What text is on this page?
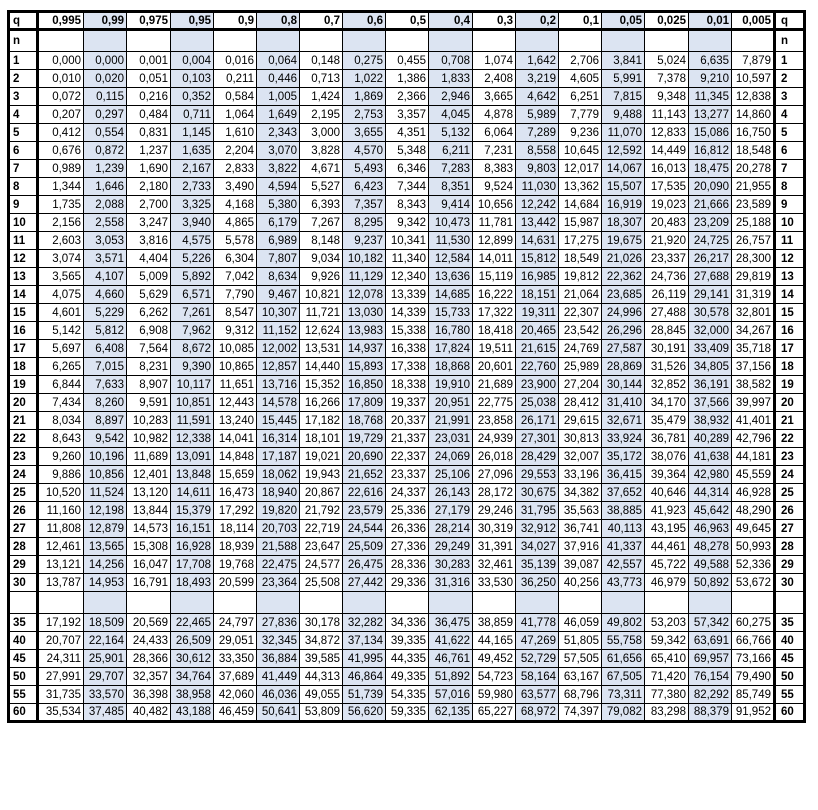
q	0,995	0,99	0,975	0,95	0,9	0,8	0,7	0,6	0,5	0,4	0,3	0,2	0,1	0,05	0,025	0,01	0,005	q
n																		n
1	0,000	0,000	0,001	0,004	0,016	0,064	0,148	0,275	0,455	0,708	1,074	1,642	2,706	3,841	5,024	6,635	7,879	1
2	0,010	0,020	0,051	0,103	0,211	0,446	0,713	1,022	1,386	1,833	2,408	3,219	4,605	5,991	7,378	9,210	10,597	2
3	0,072	0,115	0,216	0,352	0,584	1,005	1,424	1,869	2,366	2,946	3,665	4,642	6,251	7,815	9,348	11,345	12,838	3
4	0,207	0,297	0,484	0,711	1,064	1,649	2,195	2,753	3,357	4,045	4,878	5,989	7,779	9,488	11,143	13,277	14,860	4
5	0,412	0,554	0,831	1,145	1,610	2,343	3,000	3,655	4,351	5,132	6,064	7,289	9,236	11,070	12,833	15,086	16,750	5
6	0,676	0,872	1,237	1,635	2,204	3,070	3,828	4,570	5,348	6,211	7,231	8,558	10,645	12,592	14,449	16,812	18,548	6
7	0,989	1,239	1,690	2,167	2,833	3,822	4,671	5,493	6,346	7,283	8,383	9,803	12,017	14,067	16,013	18,475	20,278	7
8	1,344	1,646	2,180	2,733	3,490	4,594	5,527	6,423	7,344	8,351	9,524	11,030	13,362	15,507	17,535	20,090	21,955	8
9	1,735	2,088	2,700	3,325	4,168	5,380	6,393	7,357	8,343	9,414	10,656	12,242	14,684	16,919	19,023	21,666	23,589	9
10	2,156	2,558	3,247	3,940	4,865	6,179	7,267	8,295	9,342	10,473	11,781	13,442	15,987	18,307	20,483	23,209	25,188	10
11	2,603	3,053	3,816	4,575	5,578	6,989	8,148	9,237	10,341	11,530	12,899	14,631	17,275	19,675	21,920	24,725	26,757	11
12	3,074	3,571	4,404	5,226	6,304	7,807	9,034	10,182	11,340	12,584	14,011	15,812	18,549	21,026	23,337	26,217	28,300	12
13	3,565	4,107	5,009	5,892	7,042	8,634	9,926	11,129	12,340	13,636	15,119	16,985	19,812	22,362	24,736	27,688	29,819	13
14	4,075	4,660	5,629	6,571	7,790	9,467	10,821	12,078	13,339	14,685	16,222	18,151	21,064	23,685	26,119	29,141	31,319	14
15	4,601	5,229	6,262	7,261	8,547	10,307	11,721	13,030	14,339	15,733	17,322	19,311	22,307	24,996	27,488	30,578	32,801	15
16	5,142	5,812	6,908	7,962	9,312	11,152	12,624	13,983	15,338	16,780	18,418	20,465	23,542	26,296	28,845	32,000	34,267	16
17	5,697	6,408	7,564	8,672	10,085	12,002	13,531	14,937	16,338	17,824	19,511	21,615	24,769	27,587	30,191	33,409	35,718	17
18	6,265	7,015	8,231	9,390	10,865	12,857	14,440	15,893	17,338	18,868	20,601	22,760	25,989	28,869	31,526	34,805	37,156	18
19	6,844	7,633	8,907	10,117	11,651	13,716	15,352	16,850	18,338	19,910	21,689	23,900	27,204	30,144	32,852	36,191	38,582	19
20	7,434	8,260	9,591	10,851	12,443	14,578	16,266	17,809	19,337	20,951	22,775	25,038	28,412	31,410	34,170	37,566	39,997	20
21	8,034	8,897	10,283	11,591	13,240	15,445	17,182	18,768	20,337	21,991	23,858	26,171	29,615	32,671	35,479	38,932	41,401	21
22	8,643	9,542	10,982	12,338	14,041	16,314	18,101	19,729	21,337	23,031	24,939	27,301	30,813	33,924	36,781	40,289	42,796	22
23	9,260	10,196	11,689	13,091	14,848	17,187	19,021	20,690	22,337	24,069	26,018	28,429	32,007	35,172	38,076	41,638	44,181	23
24	9,886	10,856	12,401	13,848	15,659	18,062	19,943	21,652	23,337	25,106	27,096	29,553	33,196	36,415	39,364	42,980	45,559	24
25	10,520	11,524	13,120	14,611	16,473	18,940	20,867	22,616	24,337	26,143	28,172	30,675	34,382	37,652	40,646	44,314	46,928	25
26	11,160	12,198	13,844	15,379	17,292	19,820	21,792	23,579	25,336	27,179	29,246	31,795	35,563	38,885	41,923	45,642	48,290	26
27	11,808	12,879	14,573	16,151	18,114	20,703	22,719	24,544	26,336	28,214	30,319	32,912	36,741	40,113	43,195	46,963	49,645	27
28	12,461	13,565	15,308	16,928	18,939	21,588	23,647	25,509	27,336	29,249	31,391	34,027	37,916	41,337	44,461	48,278	50,993	28
29	13,121	14,256	16,047	17,708	19,768	22,475	24,577	26,475	28,336	30,283	32,461	35,139	39,087	42,557	45,722	49,588	52,336	29
30	13,787	14,953	16,791	18,493	20,599	23,364	25,508	27,442	29,336	31,316	33,530	36,250	40,256	43,773	46,979	50,892	53,672	30

35	17,192	18,509	20,569	22,465	24,797	27,836	30,178	32,282	34,336	36,475	38,859	41,778	46,059	49,802	53,203	57,342	60,275	35
40	20,707	22,164	24,433	26,509	29,051	32,345	34,872	37,134	39,335	41,622	44,165	47,269	51,805	55,758	59,342	63,691	66,766	40
45	24,311	25,901	28,366	30,612	33,350	36,884	39,585	41,995	44,335	46,761	49,452	52,729	57,505	61,656	65,410	69,957	73,166	45
50	27,991	29,707	32,357	34,764	37,689	41,449	44,313	46,864	49,335	51,892	54,723	58,164	63,167	67,505	71,420	76,154	79,490	50
55	31,735	33,570	36,398	38,958	42,060	46,036	49,055	51,739	54,335	57,016	59,980	63,577	68,796	73,311	77,380	82,292	85,749	55
60	35,534	37,485	40,482	43,188	46,459	50,641	53,809	56,620	59,335	62,135	65,227	68,972	74,397	79,082	83,298	88,379	91,952	60
